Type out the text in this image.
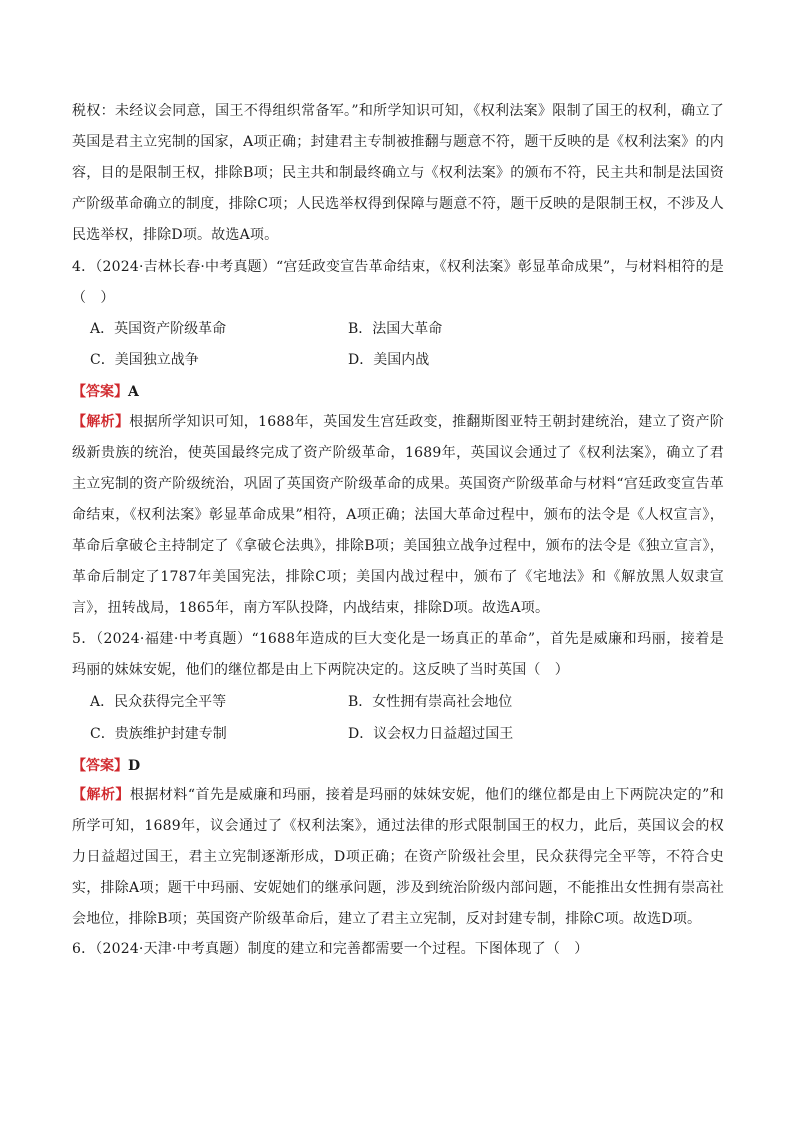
税权：未经议会同意，国王不得组织常备军。”和所学知识可知，《权利法案》限制了国王的权利，确立了英国是君主立宪制的国家，A项正确；封建君主专制被推翻与题意不符，题干反映的是《权利法案》的内容，目的是限制王权，排除B项；民主共和制最终确立与《权利法案》的颁布不符，民主共和制是法国资产阶级革命确立的制度，排除C项；人民选举权得到保障与题意不符，题干反映的是限制王权，不涉及人民选举权，排除D项。故选A项。

4．（2024·吉林长春·中考真题）“宫廷政变宣告革命结束，《权利法案》彰显革命成果”，与材料相符的是（　）

A．英国资产阶级革命	B．法国大革命
C．美国独立战争	D．美国内战
【答案】A

【解析】根据所学知识可知，1688年，英国发生宫廷政变，推翻斯图亚特王朝封建统治，建立了资产阶级新贵族的统治，使英国最终完成了资产阶级革命，1689年，英国议会通过了《权利法案》，确立了君主立宪制的资产阶级统治，巩固了英国资产阶级革命的成果。英国资产阶级革命与材料“宫廷政变宣告革命结束，《权利法案》彰显革命成果”相符，A项正确；法国大革命过程中，颁布的法令是《人权宣言》，革命后拿破仑主持制定了《拿破仑法典》，排除B项；美国独立战争过程中，颁布的法令是《独立宣言》，革命后制定了1787年美国宪法，排除C项；美国内战过程中，颁布了《宅地法》和《解放黑人奴隶宣言》，扭转战局，1865年，南方军队投降，内战结束，排除D项。故选A项。

5．（2024·福建·中考真题）“1688年造成的巨大变化是一场真正的革命”，首先是威廉和玛丽，接着是玛丽的妹妹安妮，他们的继位都是由上下两院决定的。这反映了当时英国（　）

A．民众获得完全平等	B．女性拥有崇高社会地位
C．贵族维护封建专制	D．议会权力日益超过国王
【答案】D

【解析】根据材料“首先是威廉和玛丽，接着是玛丽的妹妹安妮，他们的继位都是由上下两院决定的”和所学可知，1689年，议会通过了《权利法案》，通过法律的形式限制国王的权力，此后，英国议会的权力日益超过国王，君主立宪制逐渐形成，D项正确；在资产阶级社会里，民众获得完全平等，不符合史实，排除A项；题干中玛丽、安妮她们的继承问题，涉及到统治阶级内部问题，不能推出女性拥有崇高社会地位，排除B项；英国资产阶级革命后，建立了君主立宪制，反对封建专制，排除C项。故选D项。

6．（2024·天津·中考真题）制度的建立和完善都需要一个过程。下图体现了（　）
